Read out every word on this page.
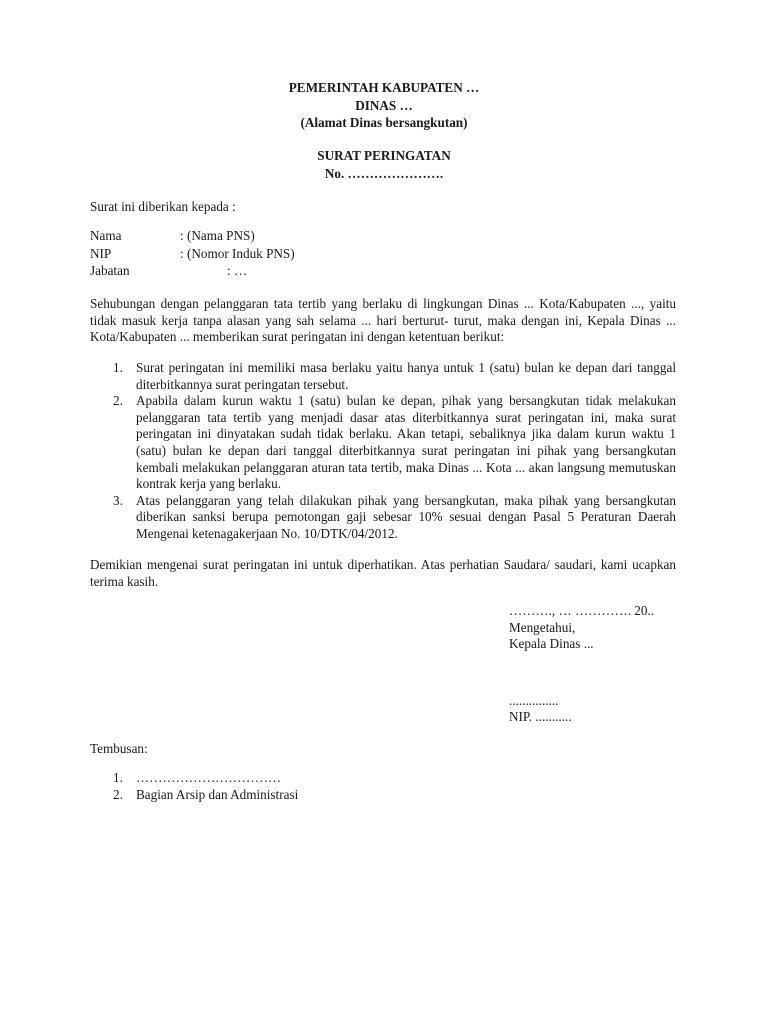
PEMERINTAH KABUPATEN …
DINAS …
(Alamat Dinas bersangkutan)
SURAT PERINGATAN
No. ………………….
Surat ini diberikan kepada :
Nama	: (Nama PNS)
NIP	: (Nomor Induk PNS)
Jabatan	: …
Sehubungan dengan pelanggaran tata tertib yang berlaku di lingkungan Dinas ... Kota/Kabupaten ..., yaitu tidak masuk kerja tanpa alasan yang sah selama ... hari berturut- turut, maka dengan ini, Kepala Dinas ... Kota/Kabupaten ... memberikan surat peringatan ini dengan ketentuan berikut:
1. Surat peringatan ini memiliki masa berlaku yaitu hanya untuk 1 (satu) bulan ke depan dari tanggal diterbitkannya surat peringatan tersebut.
2. Apabila dalam kurun waktu 1 (satu) bulan ke depan, pihak yang bersangkutan tidak melakukan pelanggaran tata tertib yang menjadi dasar atas diterbitkannya surat peringatan ini, maka surat peringatan ini dinyatakan sudah tidak berlaku. Akan tetapi, sebaliknya jika dalam kurun waktu 1 (satu) bulan ke depan dari tanggal diterbitkannya surat peringatan ini pihak yang bersangkutan kembali melakukan pelanggaran aturan tata tertib, maka Dinas ... Kota ... akan langsung memutuskan kontrak kerja yang berlaku.
3. Atas pelanggaran yang telah dilakukan pihak yang bersangkutan, maka pihak yang bersangkutan diberikan sanksi berupa pemotongan gaji sebesar 10% sesuai dengan Pasal 5 Peraturan Daerah Mengenai ketenagakerjaan No. 10/DTK/04/2012.
Demikian mengenai surat peringatan ini untuk diperhatikan. Atas perhatian Saudara/ saudari, kami ucapkan terima kasih.
………., … …………. 20..
Mengetahui,
Kepala Dinas ...
...............
NIP. ...........
Tembusan:
1. ……………………………
2. Bagian Arsip dan Administrasi
